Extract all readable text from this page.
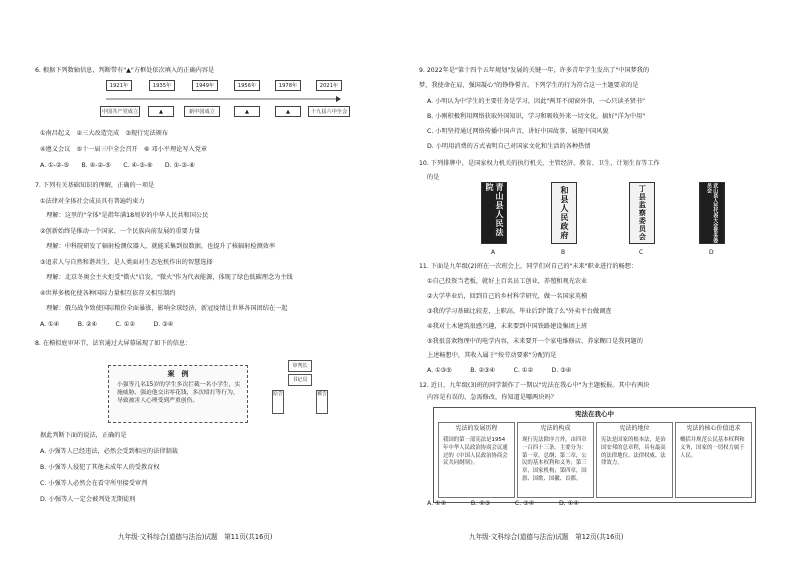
6. 根据下列数轴信息，判断带有"▲"方框处依次填入的正确内容是
1921年	1935年	1949年	1956年	1978年	2021年
中国共产党成立	▲	新中国成立	▲	▲	十九届六中全会
①南昌起义　②三大改造完成　③现行宪法颁布
④遵义会议　⑤十一届三中全会召开　⑥ 邓小平理论写入党章
A. ①-②-⑤　　B. ④-②-⑤　　C. ④-③-⑥　　D. ①-③-⑥
7. 下列有关基础知识的理解，正确的一项是
①法律对全体社会成员具有普遍约束力
　理解：这里的"全体"是指年满18周岁的中华人民共和国公民
②创新始终是推动一个国家、一个民族向前发展的重要力量
　理解：中科院研发了辐射检测仪器人，就能采集到很数据，也提升了核辐射检测效率
③追求人与自然和谐共生，是人类面对生态危机作出的智慧选择
　理解：北京冬奥会主火炬受"微火"启发，"微火"作为代表能源，体现了绿色低碳理念为主线
④世界多极化使各种国际力量相互依存又相互制约
　理解：俄乌战争致使国际粮价全面暴涨，影响全球经济，新冠疫情让世界各国团结在一起
A. ①④　　　B. ②④　　　C. ①②　　　D. ③④
8. 在模拟庭审环节，法官通过大屏幕展现了如下的信息：
案　例
小强等几名15岁的学生多次拦截一名小学生，实施威胁、强迫他交出零花钱，多次殴打等行为，导致被害人心理受到严重创伤。
审判长
书记员
原告	被告
据此判断下面的说法，正确的是
A. 小强等人已经违法，必然会受到相应的法律制裁
B. 小强等人侵犯了其他未成年人的受教育权
C. 小强等人必然会在看守所里接受审判
D. 小强等人一定会被判处无期徒刑
九年级·文科综合(道德与法治)试题　第11页(共16页)
9. 2022年是"第十四个五年规划"发展的关键一年，许多青年学生发出了"中国梦我的
梦，我使命在肩，强国凝心"的铮铮誓言。下列学生的行为符合这一主题要求的是
A. 小明认为中学生的主要任务是学习，因此"两耳不闻窗外事，一心只读圣贤书"
B. 小刚积极利用网络获取外国知识，学习和吸收外来一切文化，搞好"洋为中用"
C. 小明坚持通过网络传播中国声音，讲好中国故事，展现中国风貌
D. 小明用消费的方式表明自己对国家文化和生活的各种热情
10. 下列排牌中，是国家权力机关的执行机关，主管经济、教育、卫生、计划生育等工作
的是
青山县人民法院	和县人民政府	丁县监察委员会	武山县人民代表大会常务委员会
A	B	C	D
11. 下面是九年级(2)班在一次班会上，同学们对自己的"未来"职业进行的畅想：
①自己投资当老板，就好上百名员工创业，养殖和观光农业
②大学毕业后，回到自己的乡村科学研究，做一名国家英模
③我的学习基础比较差，上职高，毕业后到"饿了么"外卖平台做调查
④我对土木建筑很感兴趣，未来要到中国铁路建设集团上班
⑤我很喜欢物理中的电学内容，未来要开一个家电维修店，养家糊口是我同题的
上述畅想中，其收入属于"按劳动要素"分配的是
A. ①③⑤　　　B. ②③④　　　C. ①②　　　D. ③④
12. 近日，九年级(3)班的同学制作了一期以"宪法在我心中"为主题板报。其中有两块
宪法在我心中
宪法的发展历程
我国的第一部宪法是1954年中华人民政治协商会议通过的《中国人民政治协商会议共同纲领》。
宪法的构成
现行宪法除序言外，由四章一百四十三条。主要分为：第一章，总纲；第二章，公民的基本权利和义务；第三章，国家机构；第四章，国旗、国歌、国徽、首都。
宪法的地位
宪法是国家的根本法，是治国安邦的总章程，具有最高的法律地位、法律权威、法律效力。
宪法的核心价值追求
概括并规范公民基本权利和义务，国家的一切权力属于人民。
内容是有误的，急需修改，你知道是哪两块吗？
A. ①②　　　　B. ②③　　　　C. ③④　　　　D. ①④
九年级·文科综合(道德与法治)试题　第12页(共16页)
